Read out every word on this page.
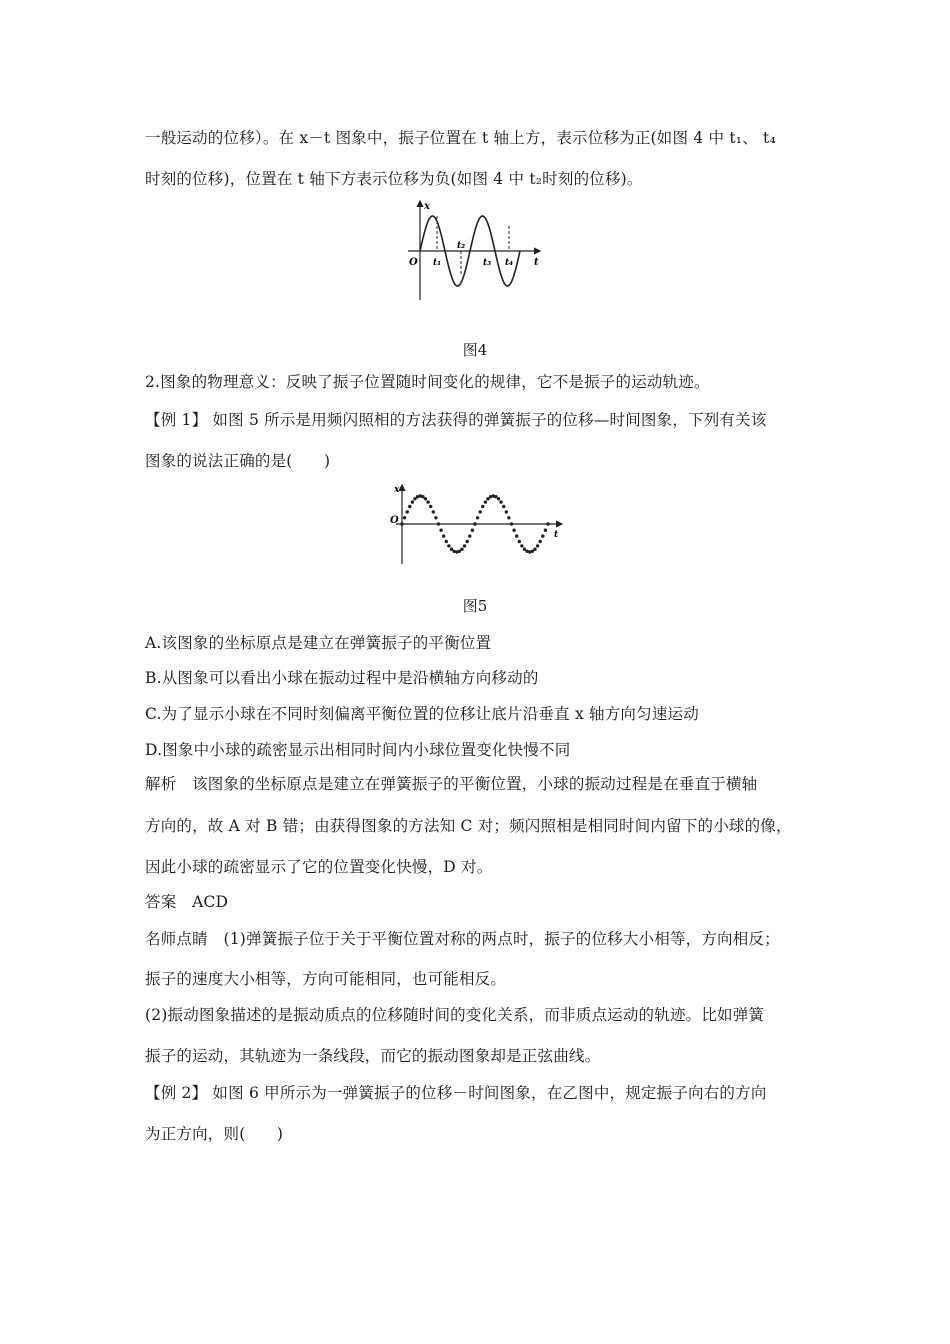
一般运动的位移）。在 x－t 图象中，振子位置在 t 轴上方，表示位移为正(如图 4 中 t₁、 t₄
时刻的位移)，位置在 t 轴下方表示位移为负(如图 4 中 t₂时刻的位移)。
x
O	t
t₁
t₂
t₃ t₄
图4
2.图象的物理意义：反映了振子位置随时间变化的规律，它不是振子的运动轨迹。
【例 1】 如图 5 所示是用频闪照相的方法获得的弹簧振子的位移—时间图象，下列有关该
图象的说法正确的是(　　)
x
O
t
图5
A.该图象的坐标原点是建立在弹簧振子的平衡位置
B.从图象可以看出小球在振动过程中是沿横轴方向移动的
C.为了显示小球在不同时刻偏离平衡位置的位移让底片沿垂直 x 轴方向匀速运动
D.图象中小球的疏密显示出相同时间内小球位置变化快慢不同
解析　该图象的坐标原点是建立在弹簧振子的平衡位置，小球的振动过程是在垂直于横轴
方向的，故 A 对 B 错；由获得图象的方法知 C 对；频闪照相是相同时间内留下的小球的像，
因此小球的疏密显示了它的位置变化快慢，D 对。
答案　ACD
名师点睛　(1)弹簧振子位于关于平衡位置对称的两点时，振子的位移大小相等，方向相反；
振子的速度大小相等，方向可能相同，也可能相反。
(2)振动图象描述的是振动质点的位移随时间的变化关系，而非质点运动的轨迹。比如弹簧
振子的运动，其轨迹为一条线段，而它的振动图象却是正弦曲线。
【例 2】 如图 6 甲所示为一弹簧振子的位移－时间图象，在乙图中，规定振子向右的方向
为正方向，则(　　)
